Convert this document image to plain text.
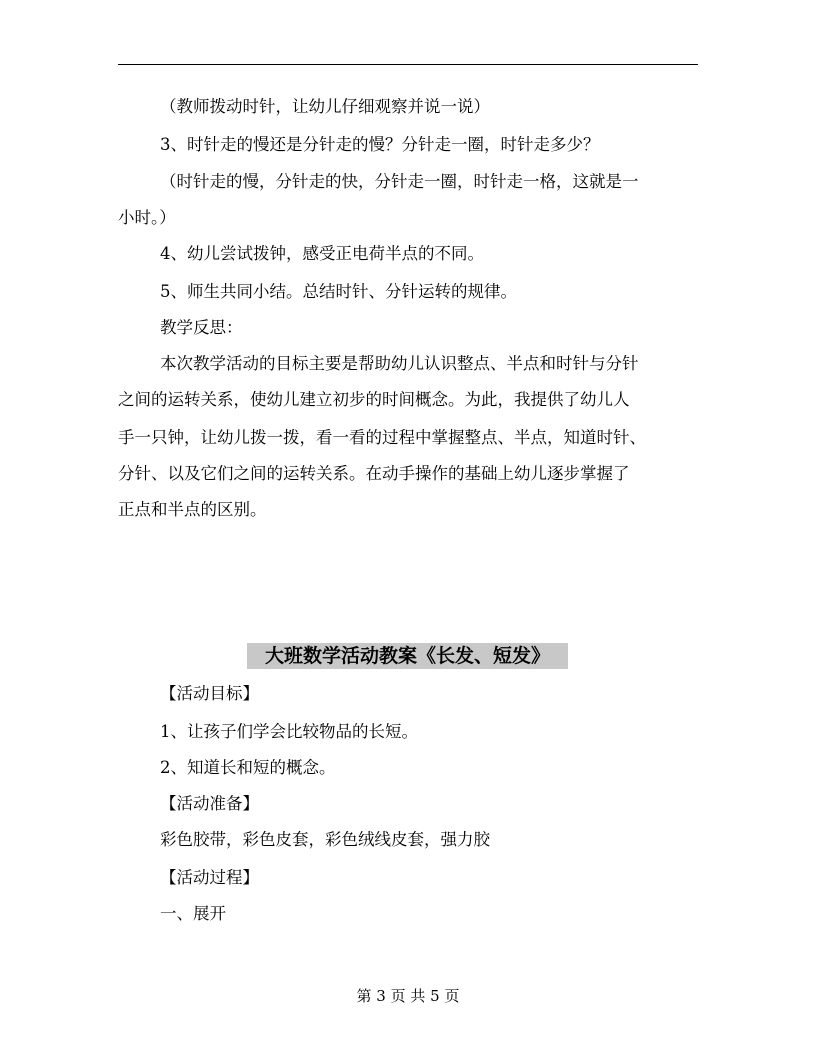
（教师拨动时针，让幼儿仔细观察并说一说）
3、时针走的慢还是分针走的慢？分针走一圈，时针走多少？
（时针走的慢，分针走的快，分针走一圈，时针走一格，这就是一
小时。）
4、幼儿尝试拨钟，感受正电荷半点的不同。
5、师生共同小结。总结时针、分针运转的规律。
教学反思：
本次教学活动的目标主要是帮助幼儿认识整点、半点和时针与分针
之间的运转关系，使幼儿建立初步的时间概念。为此，我提供了幼儿人
手一只钟，让幼儿拨一拨，看一看的过程中掌握整点、半点，知道时针、
分针、以及它们之间的运转关系。在动手操作的基础上幼儿逐步掌握了
正点和半点的区别。
大班数学活动教案《长发、短发》
【活动目标】
1、让孩子们学会比较物品的长短。
2、知道长和短的概念。
【活动准备】
彩色胶带，彩色皮套，彩色绒线皮套，强力胶
【活动过程】
一、展开
第 3 页 共 5 页
